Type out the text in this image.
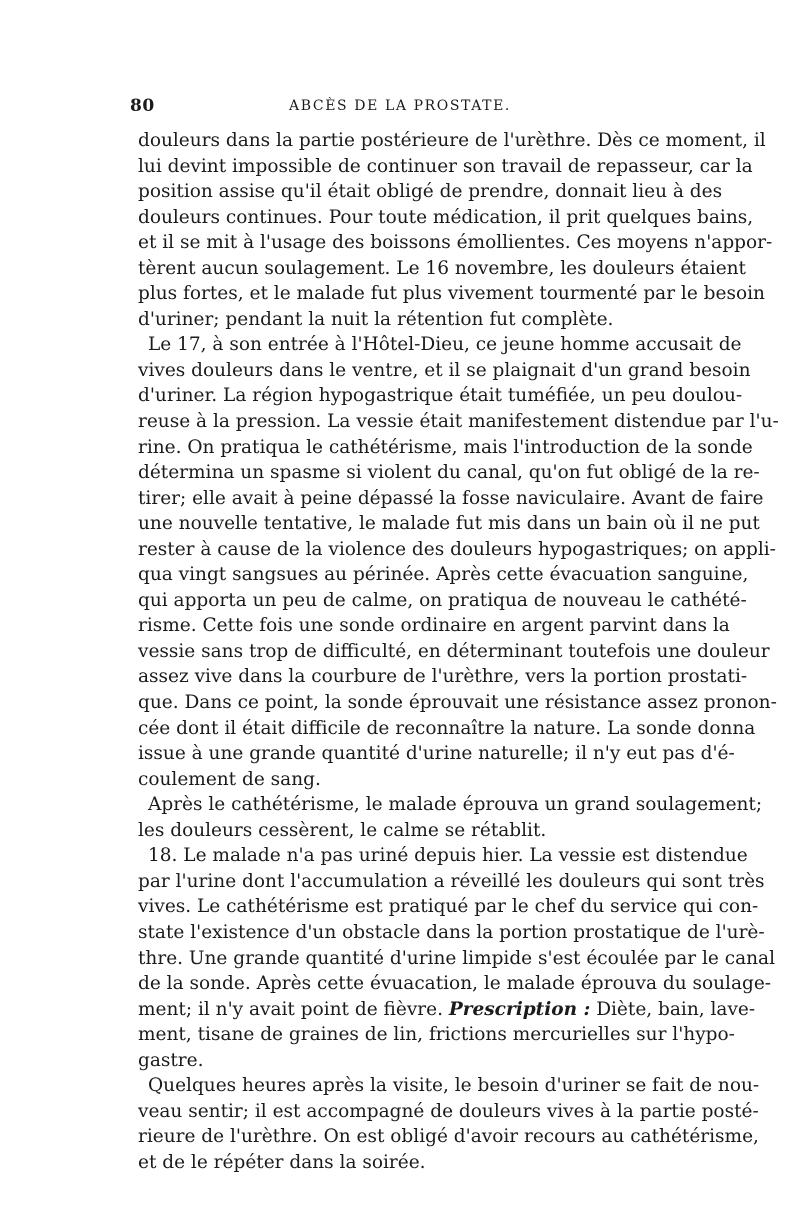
80	ABCÈS DE LA PROSTATE.
douleurs dans la partie postérieure de l'urèthre. Dès ce moment, il
lui devint impossible de continuer son travail de repasseur, car la
position assise qu'il était obligé de prendre, donnait lieu à des
douleurs continues. Pour toute médication, il prit quelques bains,
et il se mit à l'usage des boissons émollientes. Ces moyens n'appor-
tèrent aucun soulagement. Le 16 novembre, les douleurs étaient
plus fortes, et le malade fut plus vivement tourmenté par le besoin
d'uriner; pendant la nuit la rétention fut complète.
Le 17, à son entrée à l'Hôtel-Dieu, ce jeune homme accusait de
vives douleurs dans le ventre, et il se plaignait d'un grand besoin
d'uriner. La région hypogastrique était tuméfiée, un peu doulou-
reuse à la pression. La vessie était manifestement distendue par l'u-
rine. On pratiqua le cathétérisme, mais l'introduction de la sonde
détermina un spasme si violent du canal, qu'on fut obligé de la re-
tirer; elle avait à peine dépassé la fosse naviculaire. Avant de faire
une nouvelle tentative, le malade fut mis dans un bain où il ne put
rester à cause de la violence des douleurs hypogastriques; on appli-
qua vingt sangsues au périnée. Après cette évacuation sanguine,
qui apporta un peu de calme, on pratiqua de nouveau le cathété-
risme. Cette fois une sonde ordinaire en argent parvint dans la
vessie sans trop de difficulté, en déterminant toutefois une douleur
assez vive dans la courbure de l'urèthre, vers la portion prostati-
que. Dans ce point, la sonde éprouvait une résistance assez pronon-
cée dont il était difficile de reconnaître la nature. La sonde donna
issue à une grande quantité d'urine naturelle; il n'y eut pas d'é-
coulement de sang.
Après le cathétérisme, le malade éprouva un grand soulagement;
les douleurs cessèrent, le calme se rétablit.
18. Le malade n'a pas uriné depuis hier. La vessie est distendue
par l'urine dont l'accumulation a réveillé les douleurs qui sont très
vives. Le cathétérisme est pratiqué par le chef du service qui con-
state l'existence d'un obstacle dans la portion prostatique de l'urè-
thre. Une grande quantité d'urine limpide s'est écoulée par le canal
de la sonde. Après cette évuacation, le malade éprouva du soulage-
ment; il n'y avait point de fièvre. Prescription : Diète, bain, lave-
ment, tisane de graines de lin, frictions mercurielles sur l'hypo-
gastre.
Quelques heures après la visite, le besoin d'uriner se fait de nou-
veau sentir; il est accompagné de douleurs vives à la partie posté-
rieure de l'urèthre. On est obligé d'avoir recours au cathétérisme,
et de le répéter dans la soirée.
